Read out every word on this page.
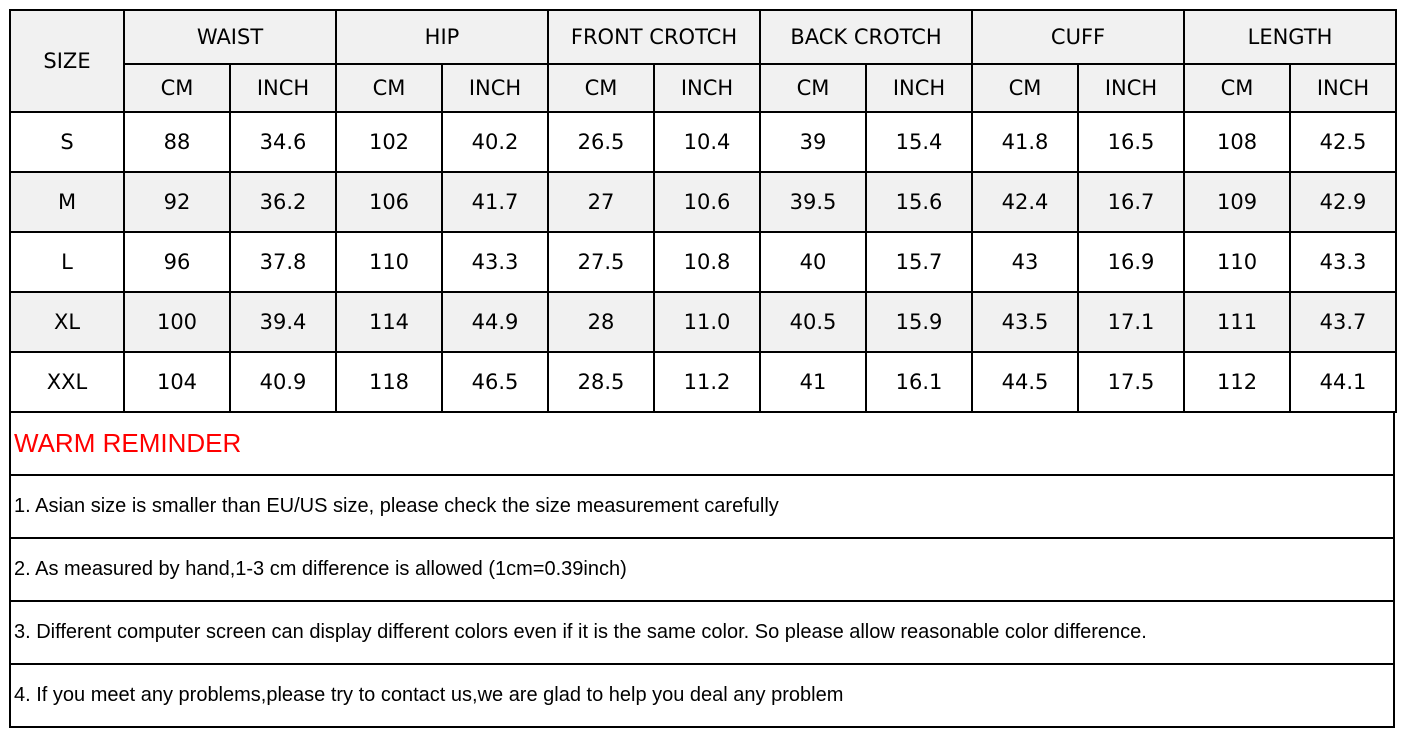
SIZE	WAIST		HIP		FRONT CROTCH		BACK CROTCH		CUFF		LENGTH	
	CM	INCH	CM	INCH	CM	INCH	CM	INCH	CM	INCH	CM	INCH
S	88	34.6	102	40.2	26.5	10.4	39	15.4	41.8	16.5	108	42.5
M	92	36.2	106	41.7	27	10.6	39.5	15.6	42.4	16.7	109	42.9
L	96	37.8	110	43.3	27.5	10.8	40	15.7	43	16.9	110	43.3
XL	100	39.4	114	44.9	28	11.0	40.5	15.9	43.5	17.1	111	43.7
XXL	104	40.9	118	46.5	28.5	11.2	41	16.1	44.5	17.5	112	44.1
WARM REMINDER
1. Asian size is smaller than EU/US size, please check the size measurement carefully
2. As measured by hand,1-3 cm difference is allowed (1cm=0.39inch)
3. Different computer screen can display different colors even if it is the same color. So please allow reasonable color difference.
4. If you meet any problems,please try to contact us,we are glad to help you deal any problem
